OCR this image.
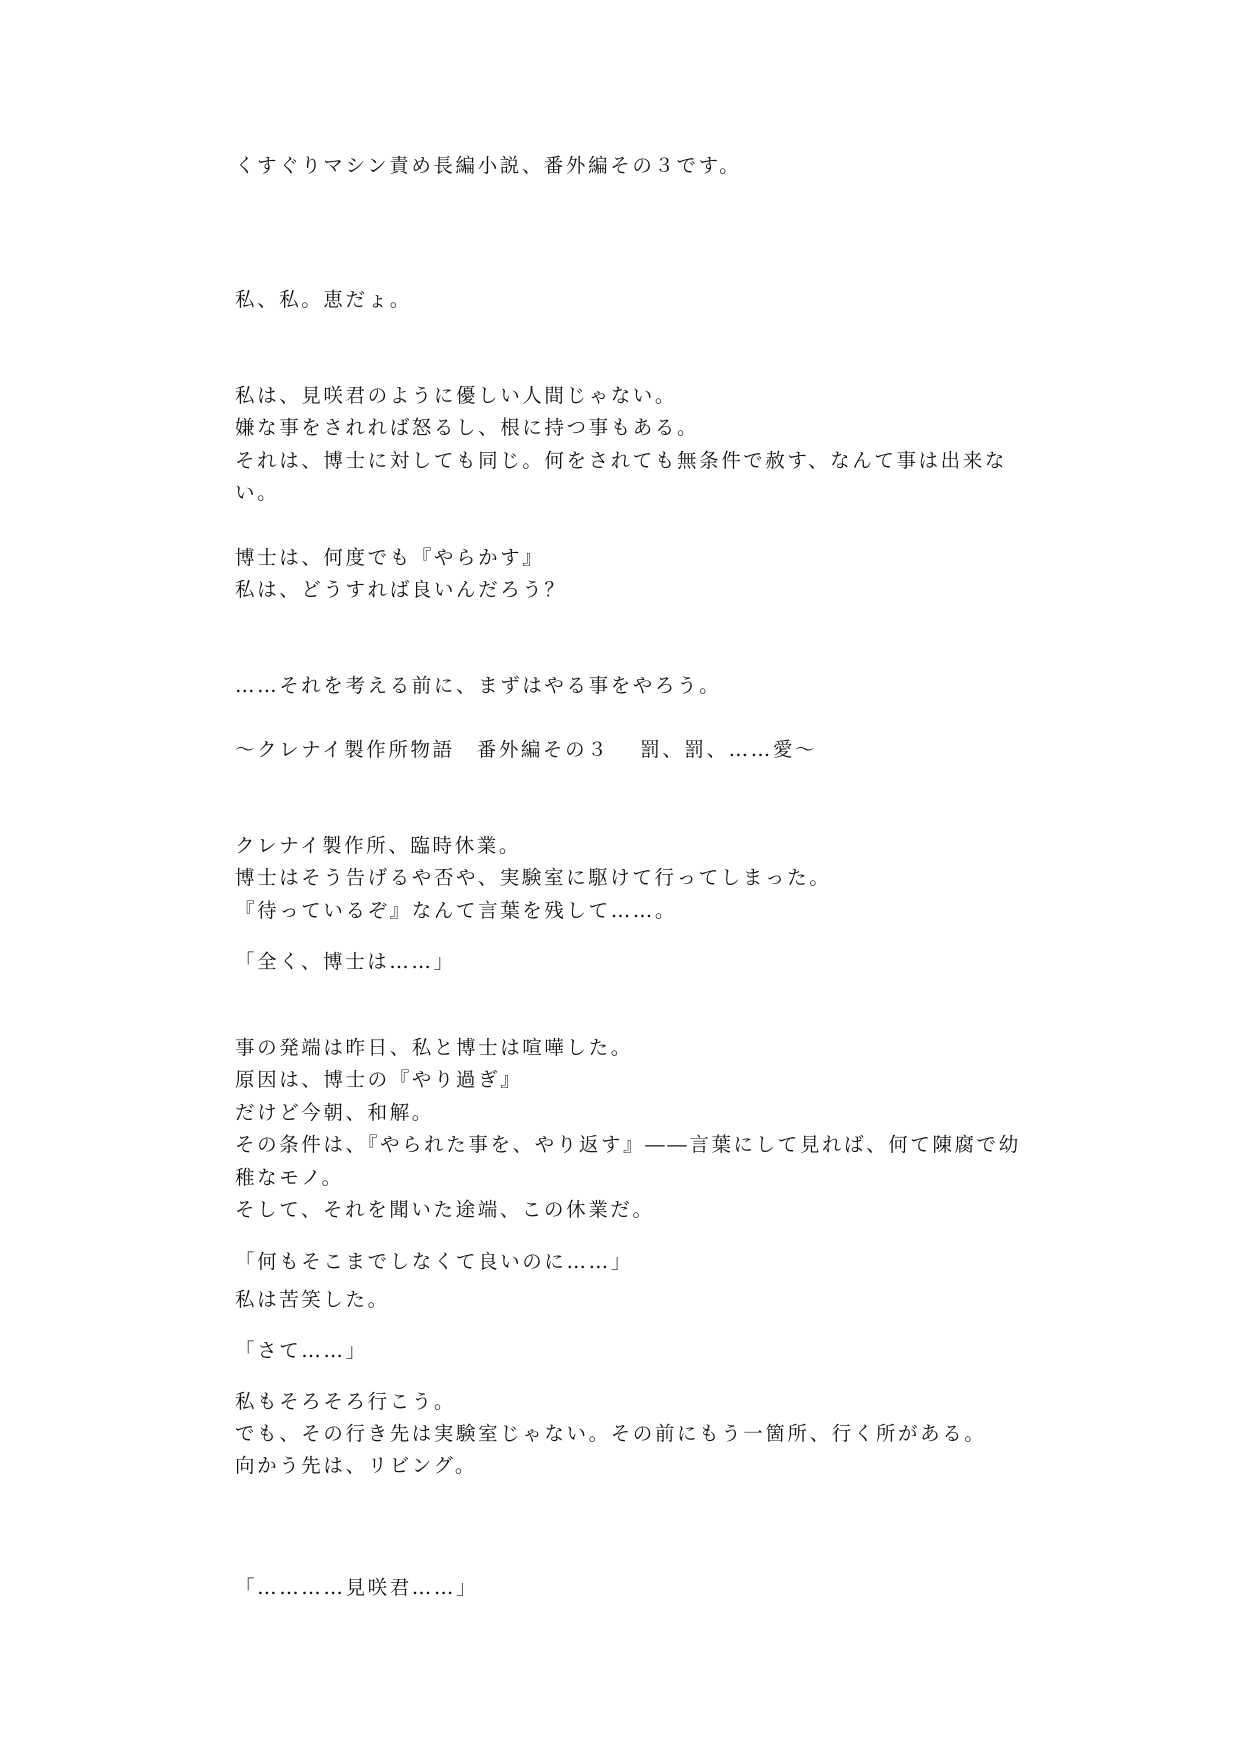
くすぐりマシン責め長編小説、番外編その３です。
私、私。恵だょ。
私は、見咲君のように優しい人間じゃない。
嫌な事をされれば怒るし、根に持つ事もある。
それは、博士に対しても同じ。何をされても無条件で赦す、なんて事は出来な
い。
博士は、何度でも『やらかす』
私は、どうすれば良いんだろう？
……それを考える前に、まずはやる事をやろう。
～クレナイ製作所物語　番外編その３　 罰、罰、……愛～
クレナイ製作所、臨時休業。
博士はそう告げるや否や、実験室に駆けて行ってしまった。
『待っているぞ』なんて言葉を残して……。
「全く、博士は……」
事の発端は昨日、私と博士は喧嘩した。
原因は、博士の『やり過ぎ』
だけど今朝、和解。
その条件は、『やられた事を、やり返す』――言葉にして見れば、何て陳腐で幼
稚なモノ。
そして、それを聞いた途端、この休業だ。
「何もそこまでしなくて良いのに……」
私は苦笑した。
「さて……」
私もそろそろ行こう。
でも、その行き先は実験室じゃない。その前にもう一箇所、行く所がある。
向かう先は、リビング。
「…………見咲君……」
